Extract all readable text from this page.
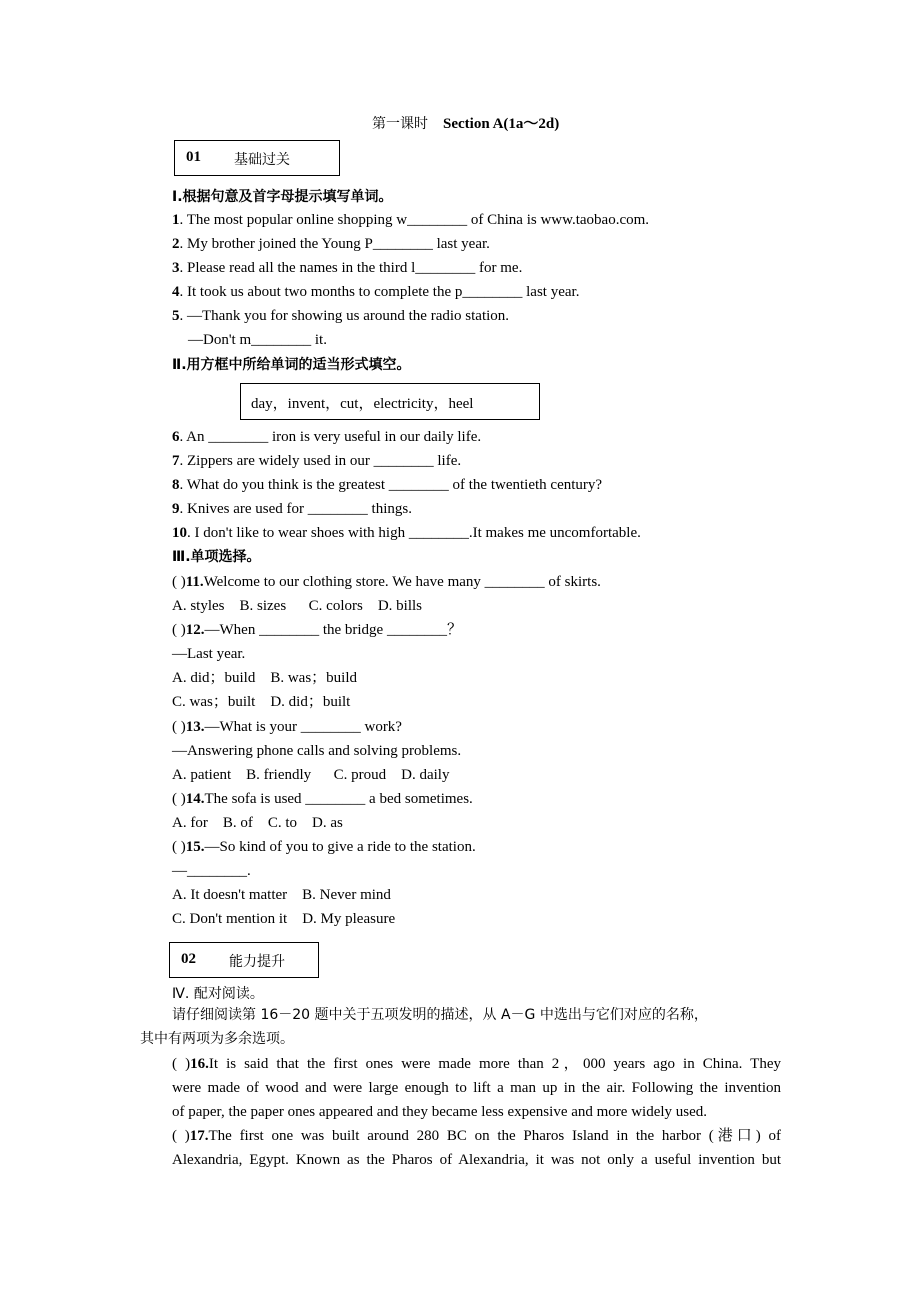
第一课时 Section A(1a～2d)
01 基础过关
Ⅰ.根据句意及首字母提示填写单词。
1. The most popular online shopping w________ of China is www.taobao.com.
2. My brother joined the Young P________ last year.
3. Please read all the names in the third l________ for me.
4. It took us about two months to complete the p________ last year.
5. —Thank you for showing us around the radio station.
—Don't m________ it.
Ⅱ.用方框中所给单词的适当形式填空。
day，invent，cut，electricity，heel
6. An ________ iron is very useful in our daily life.
7. Zippers are widely used in our ________ life.
8. What do you think is the greatest ________ of the twentieth century?
9. Knives are used for ________ things.
10. I don't like to wear shoes with high ________.It makes me uncomfortable.
Ⅲ.单项选择。
( )11.Welcome to our clothing store. We have many ________ of skirts.
A. styles    B. sizes      C. colors    D. bills
( )12.—When ________ the bridge ________？
—Last year.
A. did；build    B. was；build
C. was；built    D. did；built
( )13.—What is your ________ work?
—Answering phone calls and solving problems.
A. patient    B. friendly      C. proud    D. daily
( )14.The sofa is used ________ a bed sometimes.
A. for    B. of    C. to    D. as
( )15.—So kind of you to give a ride to the station.
—________.
A. It doesn't matter    B. Never mind
C. Don't mention it    D. My pleasure
02 能力提升
Ⅳ. 配对阅读。
请仔细阅读第 16－20 题中关于五项发明的描述，从 A－G 中选出与它们对应的名称，
其中有两项为多余选项。
( )16.It is said that the first ones were made more than 2，000 years ago in China. They
were made of wood and were large enough to lift a man up in the air. Following the invention
of paper, the paper ones appeared and they became less expensive and more widely used.
( )17.The first one was built around 280 BC on the Pharos Island in the harbor (港口) of
Alexandria, Egypt. Known as the Pharos of Alexandria, it was not only a useful invention but
